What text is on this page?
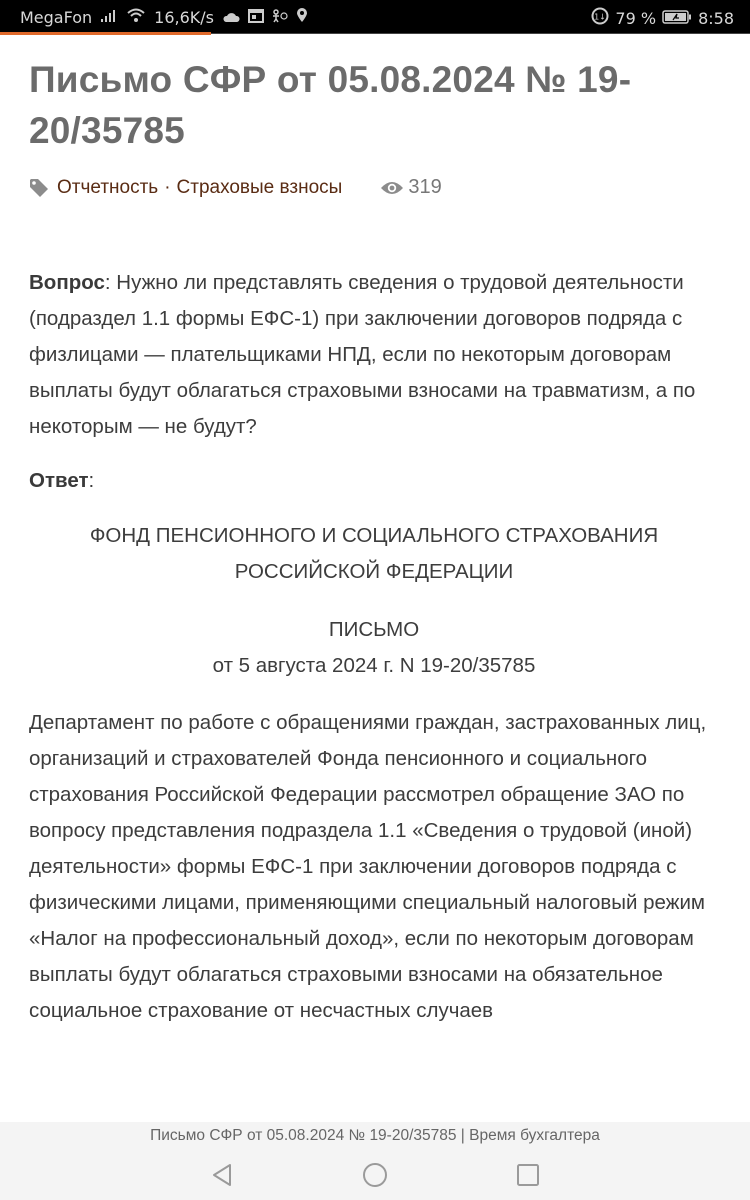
MegaFon	16,6K/s	1↓ 79 %	8:58
Письмо СФР от 05.08.2024 № 19-20/35785
Отчетность · Страховые взносы	319

Вопрос: Нужно ли представлять сведения о трудовой деятельности (подраздел 1.1 формы ЕФС-1) при заключении договоров подряда с физлицами — плательщиками НПД, если по некоторым договорам выплаты будут облагаться страховыми взносами на травматизм, а по некоторым — не будут?

Ответ:

ФОНД ПЕНСИОННОГО И СОЦИАЛЬНОГО СТРАХОВАНИЯ РОССИЙСКОЙ ФЕДЕРАЦИИ

ПИСЬМО

от 5 августа 2024 г. N 19-20/35785

Департамент по работе с обращениями граждан, застрахованных лиц, организаций и страхователей Фонда пенсионного и социального страхования Российской Федерации рассмотрел обращение ЗАО по вопросу представления подраздела 1.1 «Сведения о трудовой (иной) деятельности» формы ЕФС-1 при заключении договоров подряда с физическими лицами, применяющими специальный налоговый режим «Налог на профессиональный доход», если по некоторым договорам выплаты будут облагаться страховыми взносами на обязательное социальное страхование от несчастных случаев

Письмо СФР от 05.08.2024 № 19-20/35785 | Время бухгалтера
